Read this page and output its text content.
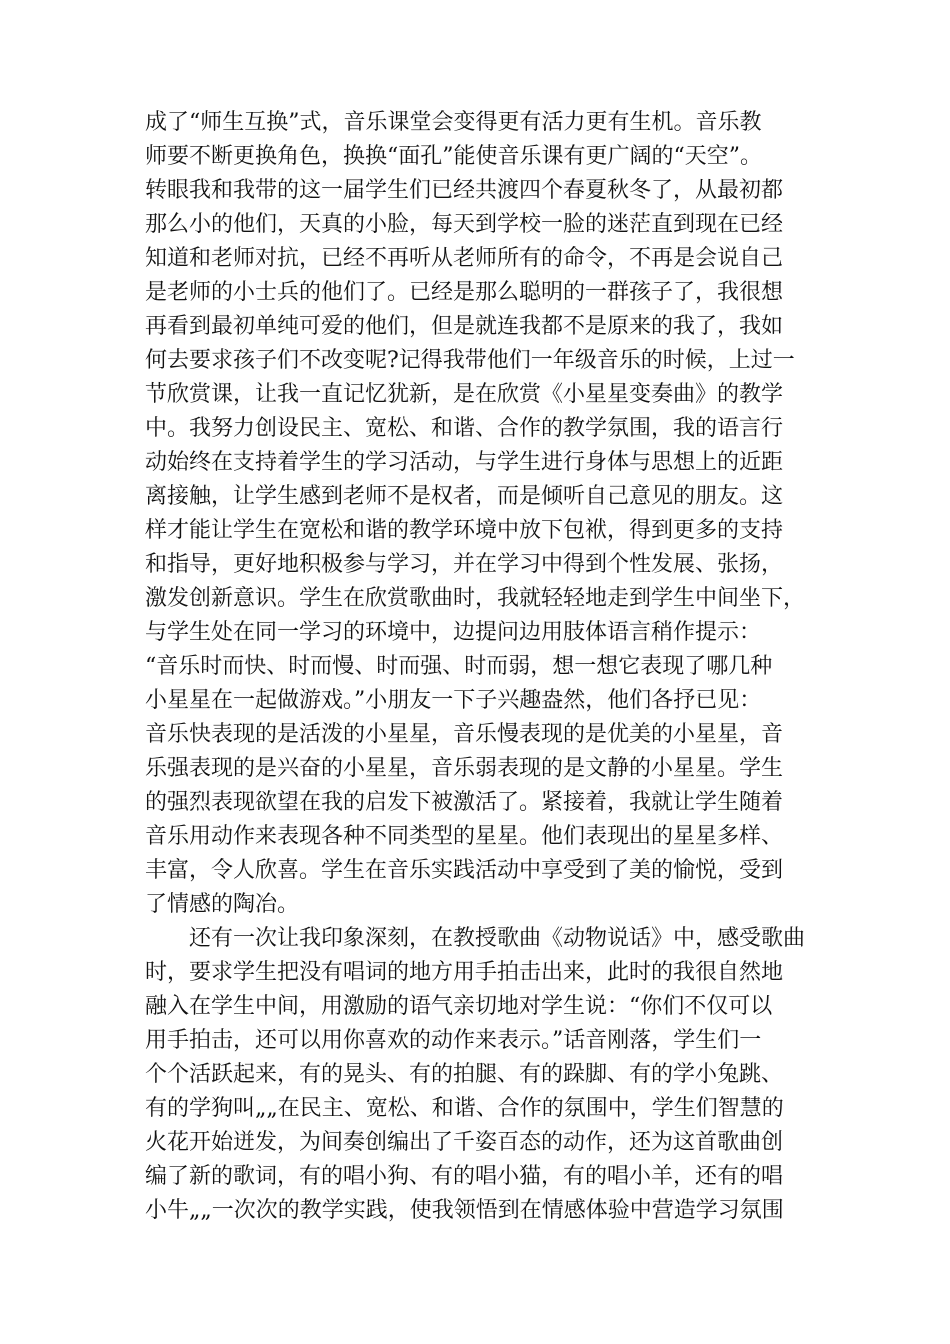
成了“师生互换”式，音乐课堂会变得更有活力更有生机。音乐教
师要不断更换角色，换换“面孔”能使音乐课有更广阔的“天空”。
转眼我和我带的这一届学生们已经共渡四个春夏秋冬了，从最初都
那么小的他们，天真的小脸，每天到学校一脸的迷茫直到现在已经
知道和老师对抗，已经不再听从老师所有的命令，不再是会说自己
是老师的小士兵的他们了。已经是那么聪明的一群孩子了，我很想
再看到最初单纯可爱的他们，但是就连我都不是原来的我了，我如
何去要求孩子们不改变呢?记得我带他们一年级音乐的时候，上过一
节欣赏课，让我一直记忆犹新，是在欣赏《小星星变奏曲》的教学
中。我努力创设民主、宽松、和谐、合作的教学氛围，我的语言行
动始终在支持着学生的学习活动，与学生进行身体与思想上的近距
离接触，让学生感到老师不是权者，而是倾听自己意见的朋友。这
样才能让学生在宽松和谐的教学环境中放下包袱，得到更多的支持
和指导，更好地积极参与学习，并在学习中得到个性发展、张扬，
激发创新意识。学生在欣赏歌曲时，我就轻轻地走到学生中间坐下，
与学生处在同一学习的环境中，边提问边用肢体语言稍作提示：
“音乐时而快、时而慢、时而强、时而弱，想一想它表现了哪几种
小星星在一起做游戏。”小朋友一下子兴趣盎然，他们各抒已见：
音乐快表现的是活泼的小星星，音乐慢表现的是优美的小星星，音
乐强表现的是兴奋的小星星，音乐弱表现的是文静的小星星。学生
的强烈表现欲望在我的启发下被激活了。紧接着，我就让学生随着
音乐用动作来表现各种不同类型的星星。他们表现出的星星多样、
丰富，令人欣喜。学生在音乐实践活动中享受到了美的愉悦，受到
了情感的陶冶。
　　还有一次让我印象深刻，在教授歌曲《动物说话》中，感受歌曲
时，要求学生把没有唱词的地方用手拍击出来，此时的我很自然地
融入在学生中间，用激励的语气亲切地对学生说：“你们不仅可以
用手拍击，还可以用你喜欢的动作来表示。”话音刚落，学生们一
个个活跃起来，有的晃头、有的拍腿、有的跺脚、有的学小兔跳、
有的学狗叫„„在民主、宽松、和谐、合作的氛围中，学生们智慧的
火花开始迸发，为间奏创编出了千姿百态的动作，还为这首歌曲创
编了新的歌词，有的唱小狗、有的唱小猫，有的唱小羊，还有的唱
小牛„„一次次的教学实践，使我领悟到在情感体验中营造学习氛围
